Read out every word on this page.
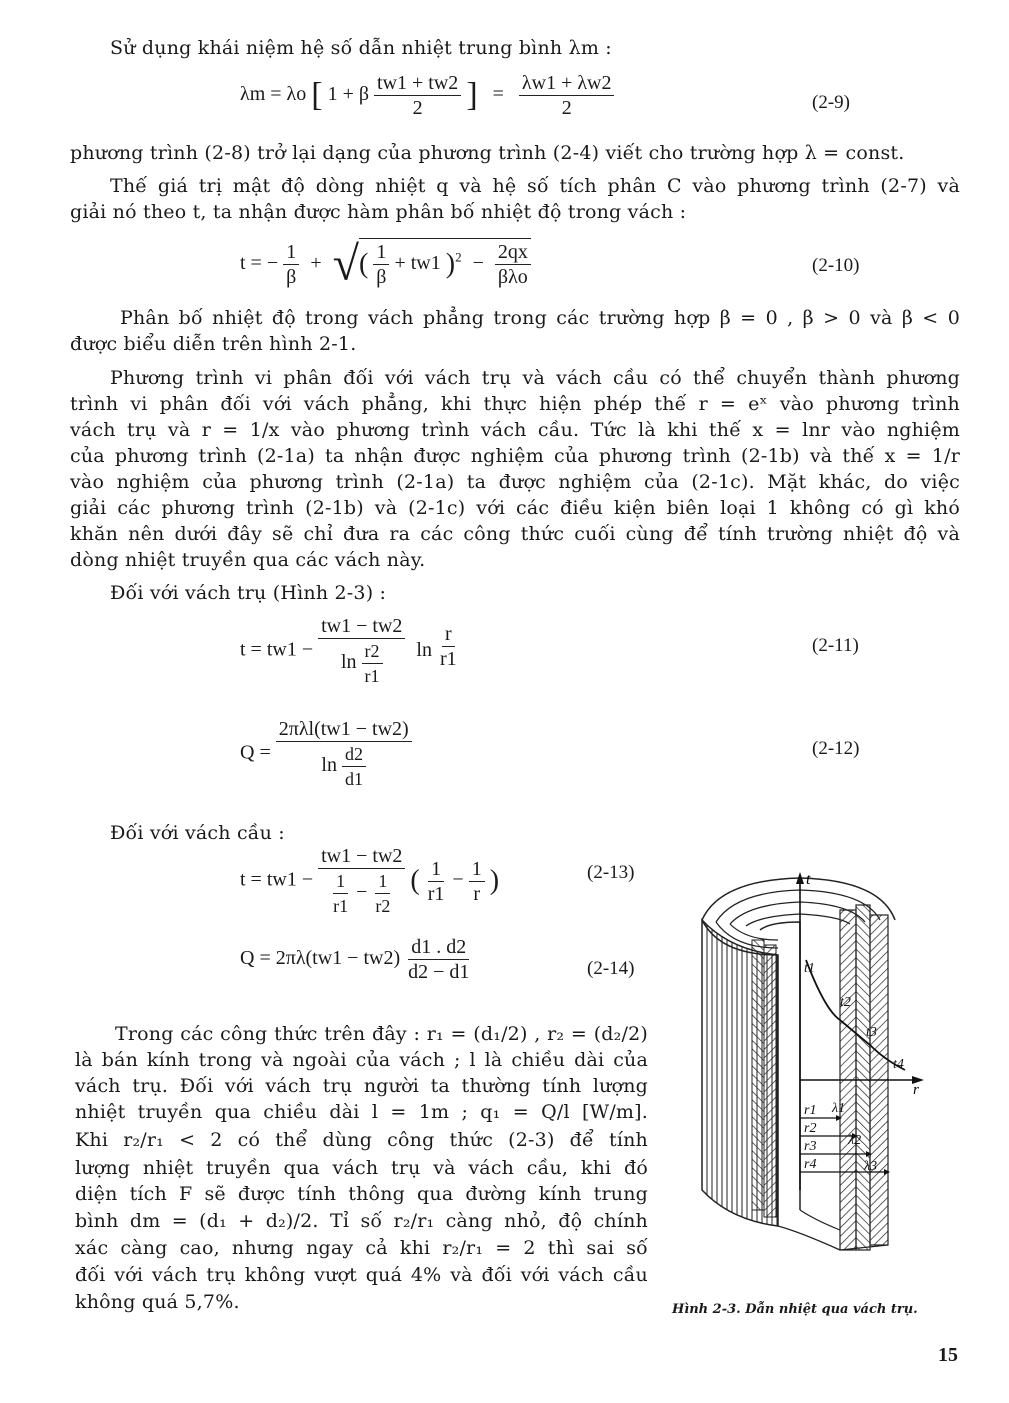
Sử dụng khái niệm hệ số dẫn nhiệt trung bình λm :
λm = λo [ 1 + β $\frac{tw1 + tw2}{2}$ ] = $\frac{\lambda w1 + \lambda w2}{2}$	(2-9)
phương trình (2-8) trở lại dạng của phương trình (2-4) viết cho trường hợp λ = const.
Thế giá trị mật độ dòng nhiệt q và hệ số tích phân C vào phương trình (2-7) và
giải nó theo t, ta nhận được hàm phân bố nhiệt độ trong vách :
t = − $\frac{1}{\beta}$ + √( $\frac{1}{\beta} + tw1$ )$^2 - \frac{2qx}{\text{βλo}}$	(2-10)
Phân bố nhiệt độ trong vách phẳng trong các trường hợp β = 0 , β > 0 và β < 0
được biểu diễn trên hình 2-1.
Phương trình vi phân đối với vách trụ và vách cầu có thể chuyển thành phương
trình vi phân đối với vách phẳng, khi thực hiện phép thế r = eˣ vào phương trình
vách trụ và r = 1/x vào phương trình vách cầu. Tức là khi thế x = lnr vào nghiệm
của phương trình (2-1a) ta nhận được nghiệm của phương trình (2-1b) và thế x = 1/r
vào nghiệm của phương trình (2-1a) ta được nghiệm của (2-1c). Mặt khác, do việc
giải các phương trình (2-1b) và (2-1c) với các điều kiện biên loại 1 không có gì khó
khăn nên dưới đây sẽ chỉ đưa ra các công thức cuối cùng để tính trường nhiệt độ và
dòng nhiệt truyền qua các vách này.
Đối với vách trụ (Hình 2-3) :
$t = tw1 - \frac{tw1 - tw2}{\ln \frac{r2}{r1}}$ $\ln \frac{r}{r1}$	(2-11)
$Q = \frac{\text{2πλl(tw1 − tw2)}}{\ln \frac{d2}{d1}}$	(2-12)
Đối với vách cầu :
$t = tw1 - \frac{tw1 - tw2}{\frac{1}{r1} - \frac{1}{r2}}$ ( $\frac{1}{r1} - \frac{1}{r}$ )	(2-13)
$Q = 2\pi\lambda(tw1 - tw2) \frac{d1 . d2}{d2 - d1}$	(2-14)
Trong các công thức trên đây : r₁ = (d₁/2) , r₂ = (d₂/2)
là bán kính trong và ngoài của vách ; l là chiều dài của
vách trụ. Đối với vách trụ người ta thường tính lượng
nhiệt truyền qua chiều dài l = 1m ; q₁ = Q/l [W/m].
Khi r₂/r₁ < 2 có thể dùng công thức (2-3) để tính
lượng nhiệt truyền qua vách trụ và vách cầu, khi đó
diện tích F sẽ được tính thông qua đường kính trung
bình dm = (d₁ + d₂)/2. Tỉ số r₂/r₁ càng nhỏ, độ chính
xác càng cao, nhưng ngay cả khi r₂/r₁ = 2 thì sai số
đối với vách trụ không vượt quá 4% và đối với vách cầu
không quá 5,7%.
t
r
t1
t2
t3
t4
r1
r2
r3
r4
λ1
λ2
λ3
Hình 2-3. Dẫn nhiệt qua vách trụ.
15
